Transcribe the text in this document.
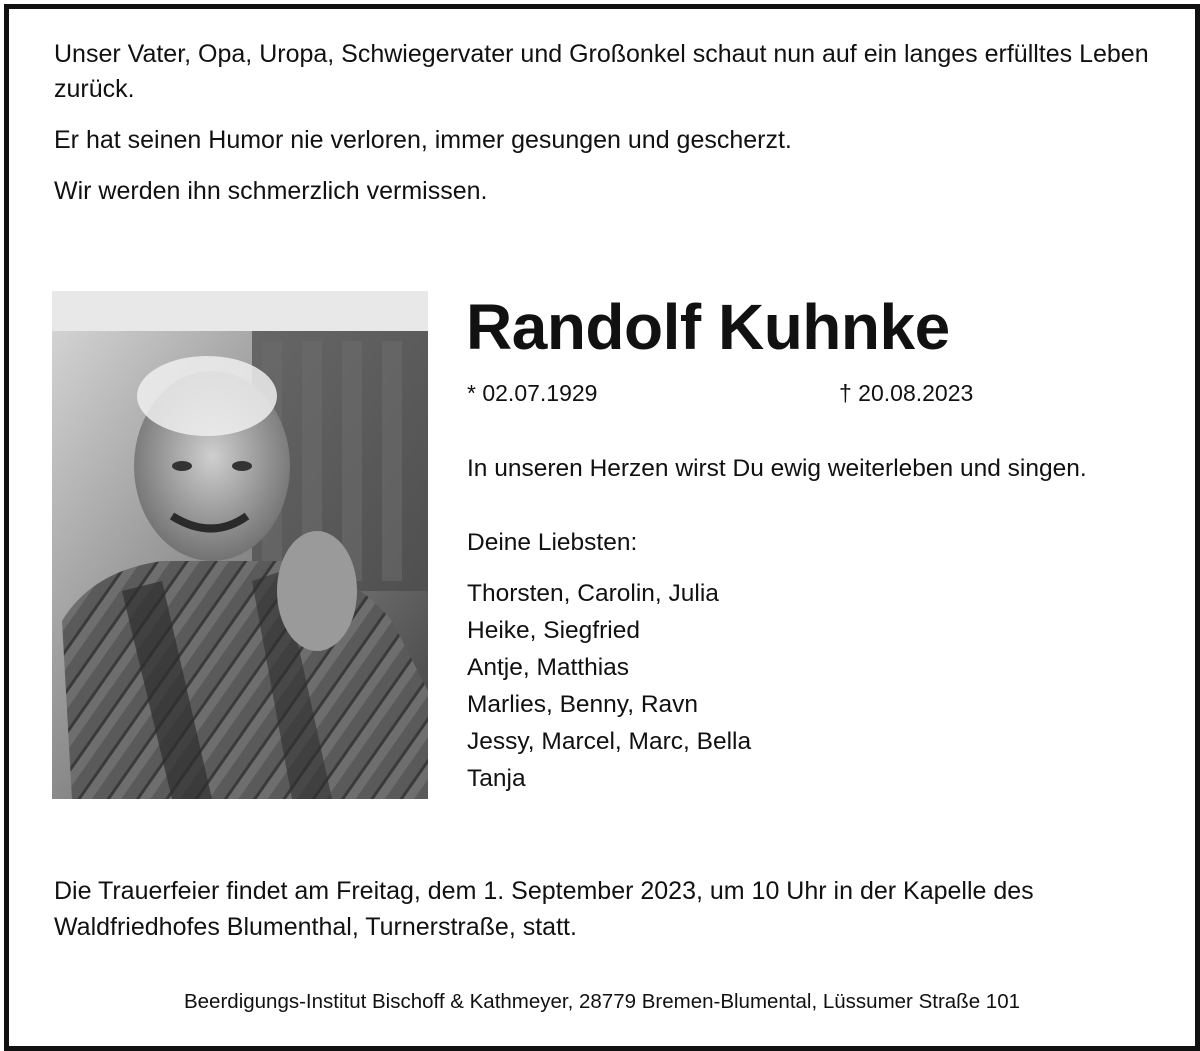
Unser Vater, Opa, Uropa, Schwiegervater und Großonkel schaut nun auf ein langes erfülltes Leben zurück.

Er hat seinen Humor nie verloren, immer gesungen und gescherzt.

Wir werden ihn schmerzlich vermissen.

Randolf Kuhnke
* 02.07.1929	† 20.08.2023
In unseren Herzen wirst Du ewig weiterleben und singen.
Deine Liebsten:
Thorsten, Carolin, Julia
Heike, Siegfried
Antje, Matthias
Marlies, Benny, Ravn
Jessy, Marcel, Marc, Bella
Tanja
Die Trauerfeier findet am Freitag, dem 1. September 2023, um 10 Uhr in der Kapelle des Waldfriedhofes Blumenthal, Turnerstraße, statt.
Beerdigungs-Institut Bischoff & Kathmeyer, 28779 Bremen-Blumental, Lüssumer Straße 101
